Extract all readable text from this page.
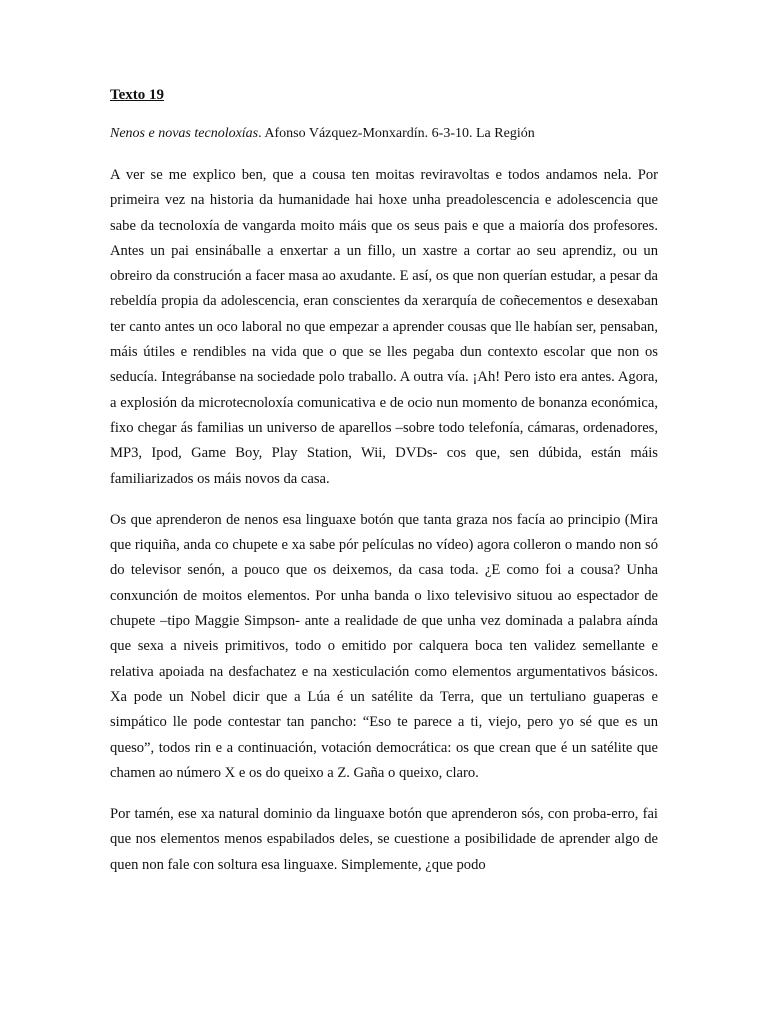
Texto 19
Nenos e novas tecnoloxías. Afonso Vázquez-Monxardín. 6-3-10. La Región

A ver se me explico ben, que a cousa ten moitas reviravoltas e todos andamos nela. Por primeira vez na historia da humanidade hai hoxe unha preadolescencia e adolescencia que sabe da tecnoloxía de vangarda moito máis que os seus pais e que a maioría dos profesores. Antes un pai ensinába​lle a enxertar a un fillo, un xastre a cortar ao seu aprendiz, ou un obreiro da construción a facer masa ao axudante. E así, os que non querían estudar, a pesar da rebeldía propia da adolescencia, eran conscientes da xerarquía de coñecementos e desexaban ter canto antes un oco laboral no que empezar a aprender cousas que lle habían ser, pensaban, máis útiles e rendibles na vida que o que se lles pegaba dun contexto escolar que non os seducía. Integrábanse na sociedade polo traballo. A outra vía. ¡Ah! Pero isto era antes. Agora, a explosión da microtecnoloxía comunicativa e de ocio nun momento de bonanza económica, fixo chegar ás familias un universo de aparellos –sobre todo telefonía, cámaras, ordenadores, MP3, Ipod, Game Boy, Play Station, Wii, DVDs- cos que, sen dúbida, están máis familiarizados os máis novos da casa.

Os que aprenderon de nenos esa linguaxe botón que tanta graza nos facía ao principio (Mira que riquiña, anda co chupete e xa sabe pór películas no vídeo) agora colleron o mando non só do televisor senón, a pouco que os deixemos, da casa toda. ¿E como foi a cousa? Unha conxunción de moitos elementos. Por unha banda o lixo televisivo situou ao espectador de chupete –tipo Maggie Simpson- ante a realidade de que unha vez dominada a palabra aínda que sexa a niveis primitivos, todo o emitido por calquera boca ten validez semellante e relativa apoiada na desfachatez e na xesticulación como elementos argumentativos básicos. Xa pode un Nobel dicir que a Lúa é un satélite da Terra, que un tertuliano guaperas e simpático lle pode contestar tan pancho: “Eso te parece a ti, viejo, pero yo sé que es un queso”, todos rin e a continuación, votación democrática: os que crean que é un satélite que chamen ao número X e os do queixo a Z. Gaña o queixo, claro.

Por tamén, ese xa natural dominio da linguaxe botón que aprenderon sós, con proba-erro, fai que nos elementos menos espabilados deles, se cuestione a posibilidade de aprender algo de quen non fale con soltura esa linguaxe. Simplemente, ¿que podo
